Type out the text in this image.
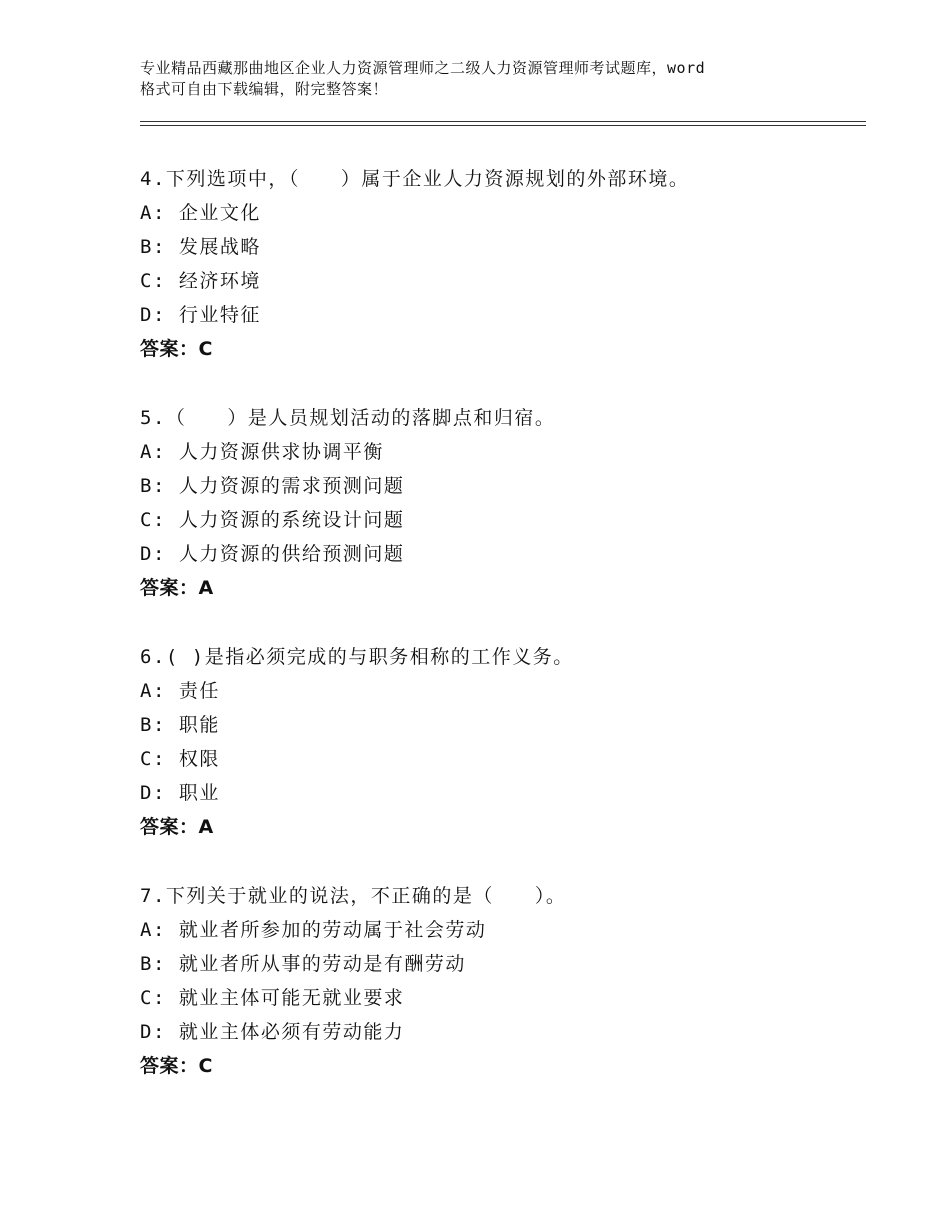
专业精品西藏那曲地区企业人力资源管理师之二级人力资源管理师考试题库，word
格式可自由下载编辑，附完整答案！
4.下列选项中，（　　）属于企业人力资源规划的外部环境。
A: 企业文化
B: 发展战略
C: 经济环境
D: 行业特征
答案：C
5.（　　）是人员规划活动的落脚点和归宿。
A: 人力资源供求协调平衡
B: 人力资源的需求预测问题
C: 人力资源的系统设计问题
D: 人力资源的供给预测问题
答案：A
6.( )是指必须完成的与职务相称的工作义务。
A: 责任
B: 职能
C: 权限
D: 职业
答案：A
7.下列关于就业的说法，不正确的是（　　）。
A: 就业者所参加的劳动属于社会劳动
B: 就业者所从事的劳动是有酬劳动
C: 就业主体可能无就业要求
D: 就业主体必须有劳动能力
答案：C
